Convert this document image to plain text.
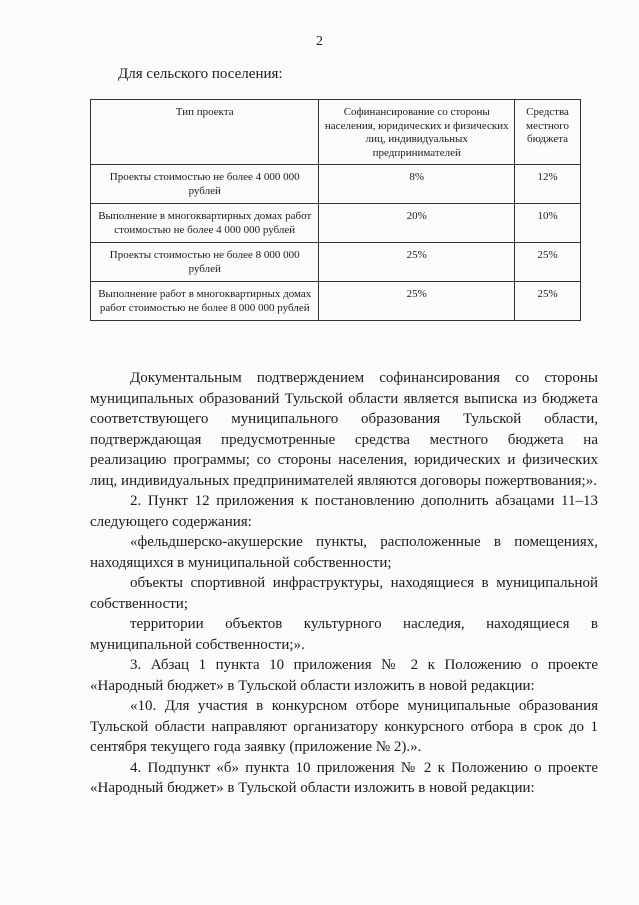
2
Для сельского поселения:
Тип проекта	Софинансирование со стороны населения, юридических и физических лиц, индивидуальных предпринимателей	Средства местного бюджета
Проекты стоимостью не более 4 000 000 рублей	8%	12%
Выполнение в многоквартирных домах работ стоимостью не более 4 000 000 рублей	20%	10%
Проекты стоимостью не более 8 000 000 рублей	25%	25%
Выполнение работ в многоквартирных домах работ стоимостью не более 8 000 000 рублей	25%	25%

Документальным подтверждением софинансирования со стороны муниципальных образований Тульской области является выписка из бюджета соответствующего муниципального образования Тульской области, подтверждающая предусмотренные средства местного бюджета на реализацию программы; со стороны населения, юридических и физических лиц, индивидуальных предпринимателей являются договоры пожертвования;».

2. Пункт 12 приложения к постановлению дополнить абзацами 11–13 следующего содержания:

«фельдшерско-акушерские пункты, расположенные в помещениях, находящихся в муниципальной собственности;

объекты спортивной инфраструктуры, находящиеся в муниципальной собственности;

территории объектов культурного наследия, находящиеся в муниципальной собственности;».

3. Абзац 1 пункта 10 приложения № 2 к Положению о проекте «Народный бюджет» в Тульской области изложить в новой редакции:

«10. Для участия в конкурсном отборе муниципальные образования Тульской области направляют организатору конкурсного отбора в срок до 1 сентября текущего года заявку (приложение № 2).».

4. Подпункт «б» пункта 10 приложения № 2 к Положению о проекте «Народный бюджет» в Тульской области изложить в новой редакции:
